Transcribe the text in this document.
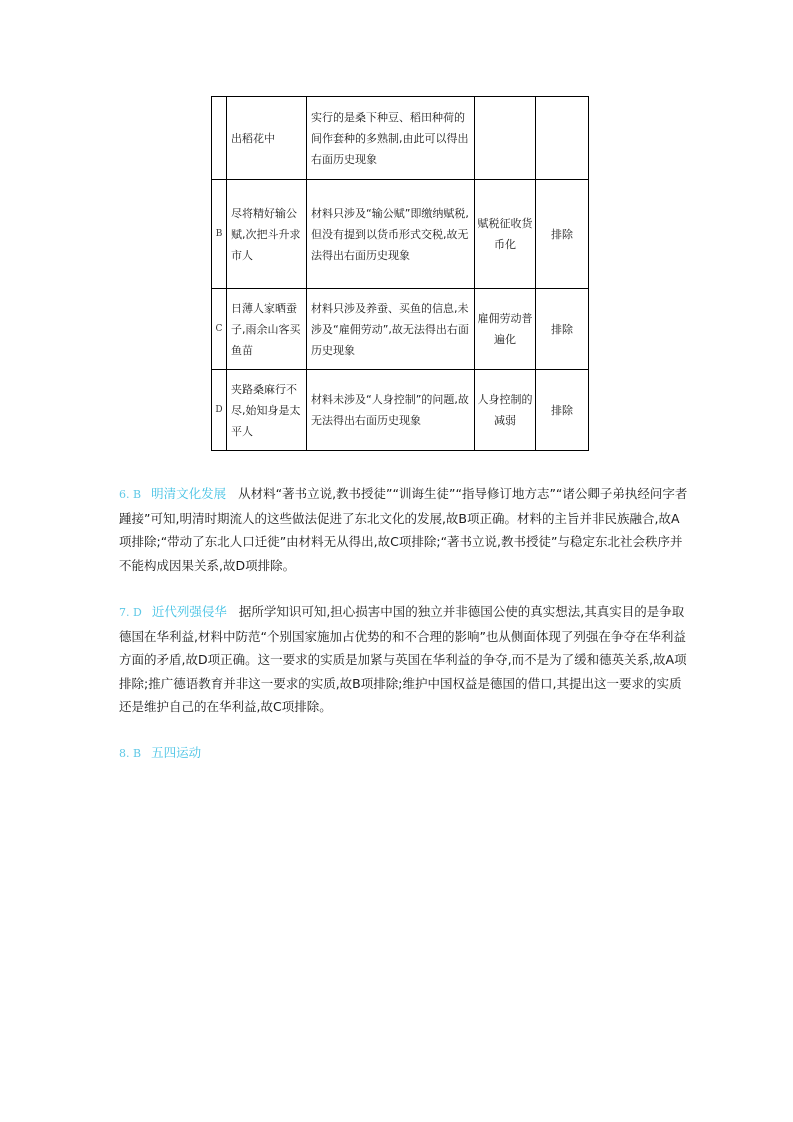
	出稻花中	实行的是桑下种豆、稻田种荷的间作套种的多熟制,由此可以得出右面历史现象		

B	尽将精好输公赋,次把斗升求市人	材料只涉及“输公赋”即缴纳赋税,但没有提到以货币形式交税,故无法得出右面历史现象	赋税征收货币化	排除
C	日薄人家晒蚕子,雨余山客买鱼苗	材料只涉及养蚕、买鱼的信息,未涉及“雇佣劳动”,故无法得出右面历史现象	雇佣劳动普遍化	排除
D	夹路桑麻行不尽,始知身是太平人	材料未涉及“人身控制”的问题,故无法得出右面历史现象	人身控制的减弱	排除
6. B 明清文化发展 从材料“著书立说,教书授徒”“训诲生徒”“指导修订地方志”“诸公卿子弟执经问字者踵接”可知,明清时期流人的这些做法促进了东北文化的发展,故B项正确。材料的主旨并非民族融合,故A项排除;“带动了东北人口迁徙”由材料无从得出,故C项排除;“著书立说,教书授徒”与稳定东北社会秩序并不能构成因果关系,故D项排除。
7. D 近代列强侵华 据所学知识可知,担心损害中国的独立并非德国公使的真实想法,其真实目的是争取德国在华利益,材料中防范“个别国家施加占优势的和不合理的影响”也从侧面体现了列强在争夺在华利益方面的矛盾,故D项正确。这一要求的实质是加紧与英国在华利益的争夺,而不是为了缓和德英关系,故A项排除;推广德语教育并非这一要求的实质,故B项排除;维护中国权益是德国的借口,其提出这一要求的实质还是维护自己的在华利益,故C项排除。
8. B 五四运动
